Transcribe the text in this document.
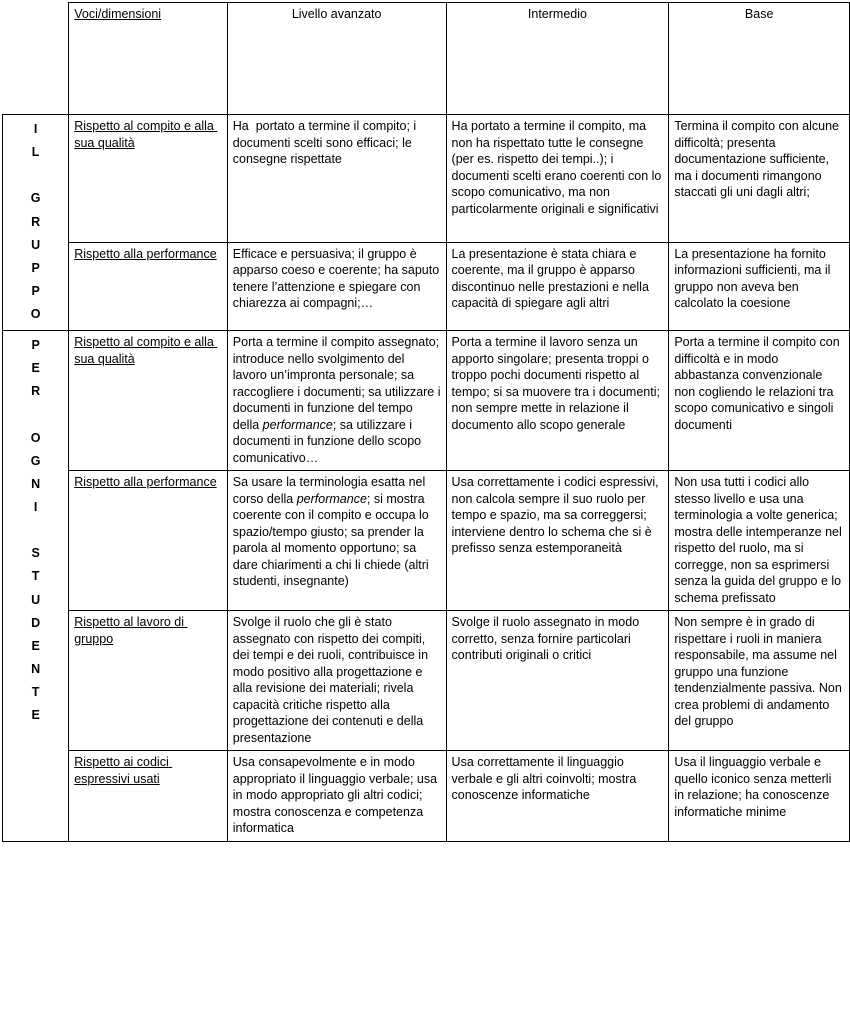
	Voci/dimensioni	Livello avanzato	Intermedio	Base

I
L

G
R
U
P
P
O
	Rispetto al compito e alla sua qualità	Ha  portato a termine il compito; i documenti scelti sono efficaci; le consegne rispettate	Ha portato a termine il compito, ma non ha rispettato tutte le consegne (per es. rispetto dei tempi..); i documenti scelti erano coerenti con lo scopo comunicativo, ma non particolarmente originali e significativi	Termina il compito con alcune difficoltà; presenta documentazione sufficiente, ma i documenti rimangono staccati gli uni dagli altri;
	Rispetto alla performance	Efficace e persuasiva; il gruppo è apparso coeso e coerente; ha saputo tenere l’attenzione e spiegare con chiarezza ai compagni;…	La presentazione è stata chiara e coerente, ma il gruppo è apparso discontinuo nelle prestazioni e nella capacità di spiegare agli altri	La presentazione ha fornito informazioni sufficienti, ma il gruppo non aveva ben calcolato la coesione

P
E
R

O
G
N
I

S
T
U
D
E
N
T
E
	Rispetto al compito e alla sua qualità	Porta a termine il compito assegnato; introduce nello svolgimento del lavoro un’impronta personale; sa raccogliere i documenti; sa utilizzare i  documenti in funzione del tempo della performance; sa utilizzare i documenti in funzione dello scopo comunicativo…	Porta a termine il lavoro senza un apporto singolare; presenta troppi o troppo pochi documenti rispetto al tempo; si sa muovere tra i documenti; non sempre mette in relazione il documento allo scopo generale	Porta a termine il compito con difficoltà e in modo abbastanza convenzionale non cogliendo le relazioni tra scopo comunicativo e singoli documenti
Rispetto alla performance	Sa usare la terminologia esatta nel corso della performance; si mostra coerente con il compito e occupa lo spazio/tempo giusto; sa prender la parola al momento opportuno; sa dare chiarimenti a chi li chiede (altri studenti, insegnante)	Usa correttamente i codici espressivi, non calcola sempre il suo ruolo per tempo e spazio, ma sa correggersi; interviene dentro lo schema che si è prefisso senza estemporaneità	Non usa tutti i codici allo stesso livello e usa una terminologia a volte generica; mostra delle intemperanze nel rispetto del ruolo, ma si corregge, non sa esprimersi senza la guida del gruppo e lo schema prefissato
	Rispetto al lavoro di gruppo	Svolge il ruolo che gli è stato assegnato con rispetto dei compiti, dei tempi e dei ruoli, contribuisce in modo positivo alla progettazione e alla revisione dei materiali; rivela capacità critiche rispetto alla progettazione dei contenuti e della presentazione	Svolge il ruolo assegnato in modo corretto, senza fornire particolari contributi originali o critici	Non sempre è in grado di rispettare i ruoli in maniera responsabile, ma assume nel gruppo una funzione tendenzialmente passiva. Non crea problemi di andamento del gruppo
	Rispetto ai codici espressivi usati	Usa consapevolmente e in modo appropriato il linguaggio verbale; usa in modo appropriato gli altri codici; mostra conoscenza e competenza informatica	Usa correttamente il linguaggio verbale e gli altri coinvolti; mostra conoscenze informatiche	Usa il linguaggio verbale e quello iconico senza metterli in relazione; ha conoscenze informatiche minime
